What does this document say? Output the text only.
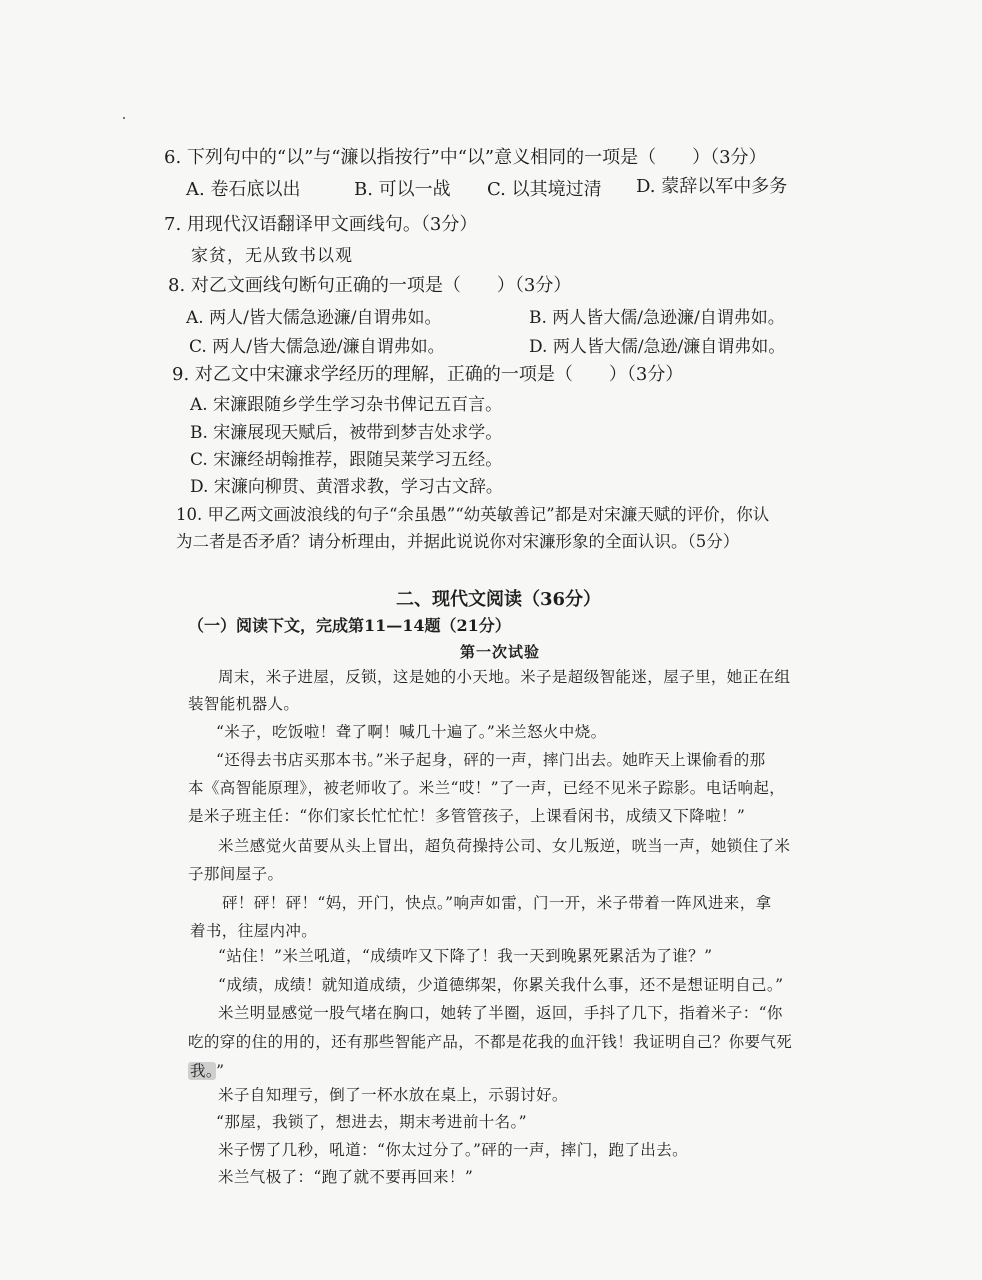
6. 下列句中的“以”与“濂以指按行”中“以”意义相同的一项是（　　）（3分）
A. 卷石底以出	B. 可以一战 C. 以其境过清 D. 蒙辞以军中多务
7. 用现代汉语翻译甲文画线句。（3分）
家贫，无从致书以观
8. 对乙文画线句断句正确的一项是（　　）（3分）
A. 两人/皆大儒急逊濂/自谓弗如。	B. 两人皆大儒/急逊濂/自谓弗如。
C. 两人/皆大儒急逊/濂自谓弗如。	D. 两人皆大儒/急逊/濂自谓弗如。
9. 对乙文中宋濂求学经历的理解，正确的一项是（　　）（3分）
A. 宋濂跟随乡学生学习杂书俾记五百言。
B. 宋濂展现天赋后，被带到梦吉处求学。
C. 宋濂经胡翰推荐，跟随吴莱学习五经。
D. 宋濂向柳贯、黄溍求教，学习古文辞。
10. 甲乙两文画波浪线的句子“余虽愚”“幼英敏善记”都是对宋濂天赋的评价，你认
为二者是否矛盾？请分析理由，并据此说说你对宋濂形象的全面认识。（5分）
二、现代文阅读（36分）
（一）阅读下文，完成第11—14题（21分）
第一次试验
周末，米子进屋，反锁，这是她的小天地。米子是超级智能迷，屋子里，她正在组
装智能机器人。
“米子，吃饭啦！聋了啊！喊几十遍了。”米兰怒火中烧。
“还得去书店买那本书。”米子起身，砰的一声，摔门出去。她昨天上课偷看的那
本《高智能原理》，被老师收了。米兰“哎！”了一声，已经不见米子踪影。电话响起，
是米子班主任：“你们家长忙忙忙！多管管孩子，上课看闲书，成绩又下降啦！”
米兰感觉火苗要从头上冒出，超负荷操持公司、女儿叛逆，咣当一声，她锁住了米
子那间屋子。
砰！砰！砰！“妈，开门，快点。”响声如雷，门一开，米子带着一阵风进来，拿
着书，往屋内冲。
“站住！”米兰吼道，“成绩咋又下降了！我一天到晚累死累活为了谁？”
“成绩，成绩！就知道成绩，少道德绑架，你累关我什么事，还不是想证明自己。”
米兰明显感觉一股气堵在胸口，她转了半圈，返回，手抖了几下，指着米子：“你
吃的穿的住的用的，还有那些智能产品，不都是花我的血汗钱！我证明自己？你要气死
我。 ”
米子自知理亏，倒了一杯水放在桌上，示弱讨好。
“那屋，我锁了，想进去，期末考进前十名。”
米子愣了几秒，吼道：“你太过分了。”砰的一声，摔门，跑了出去。
米兰气极了：“跑了就不要再回来！”
